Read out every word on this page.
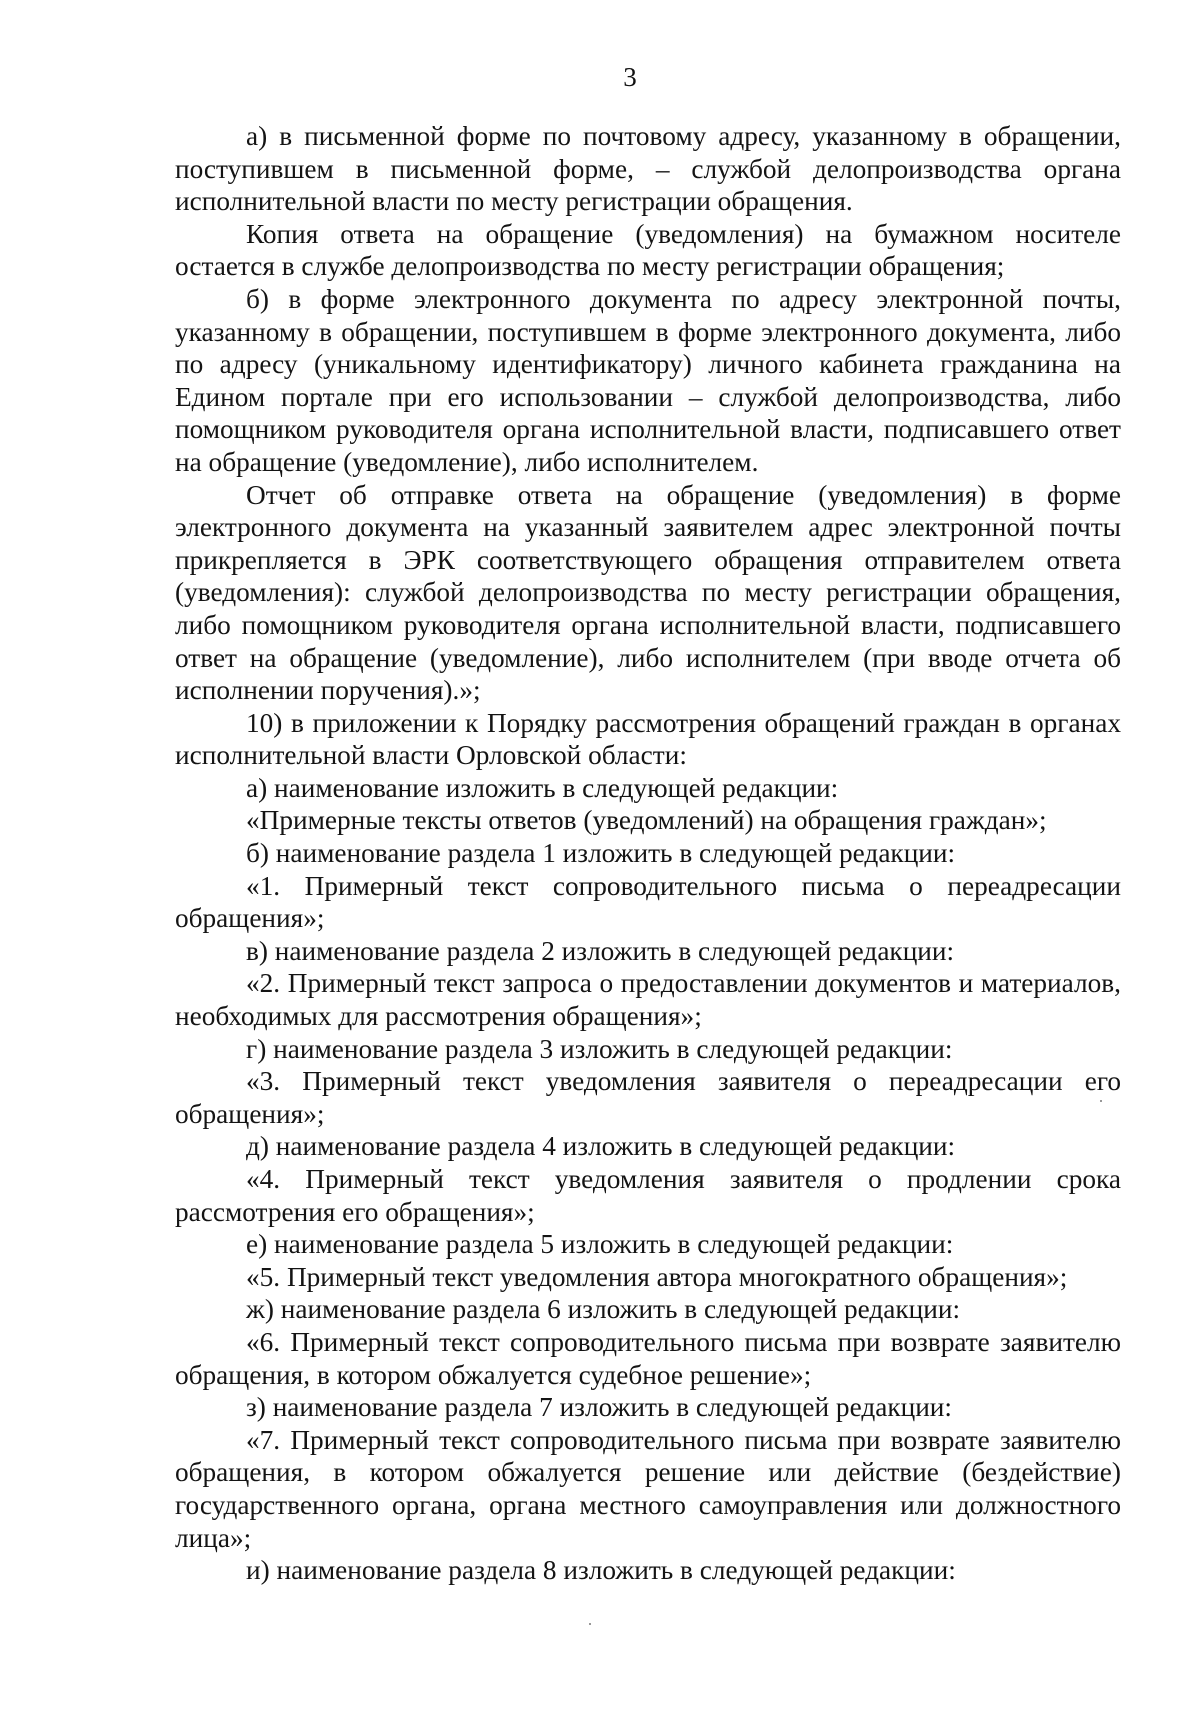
3

а) в письменной форме по почтовому адресу, указанному в обращении, поступившем в письменной форме, – службой делопроизводства органа исполнительной власти по месту регистрации обращения.

Копия ответа на обращение (уведомления) на бумажном носителе остается в службе делопроизводства по месту регистрации обращения;

б) в форме электронного документа по адресу электронной почты, указанному в обращении, поступившем в форме электронного документа, либо по адресу (уникальному идентификатору) личного кабинета гражданина на Едином портале при его использовании – службой делопроизводства, либо помощником руководителя органа исполнительной власти, подписавшего ответ на обращение (уведомление), либо исполнителем.

Отчет об отправке ответа на обращение (уведомления) в форме электронного документа на указанный заявителем адрес электронной почты прикрепляется в ЭРК соответствующего обращения отправителем ответа (уведомления): службой делопроизводства по месту регистрации обращения, либо помощником руководителя органа исполнительной власти, подписавшего ответ на обращение (уведомление), либо исполнителем (при вводе отчета об исполнении поручения).»;

10) в приложении к Порядку рассмотрения обращений граждан в органах исполнительной власти Орловской области:

а) наименование изложить в следующей редакции:

«Примерные тексты ответов (уведомлений) на обращения граждан»;

б) наименование раздела 1 изложить в следующей редакции:

«1. Примерный текст сопроводительного письма о переадресации обращения»;

в) наименование раздела 2 изложить в следующей редакции:

«2. Примерный текст запроса о предоставлении документов и материалов, необходимых для рассмотрения обращения»;

г) наименование раздела 3 изложить в следующей редакции:

«3. Примерный текст уведомления заявителя о переадресации его обращения»;

д) наименование раздела 4 изложить в следующей редакции:

«4. Примерный текст уведомления заявителя о продлении срока рассмотрения его обращения»;

е) наименование раздела 5 изложить в следующей редакции:

«5. Примерный текст уведомления автора многократного обращения»;

ж) наименование раздела 6 изложить в следующей редакции:

«6. Примерный текст сопроводительного письма при возврате заявителю обращения, в котором обжалуется судебное решение»;

з) наименование раздела 7 изложить в следующей редакции:

«7. Примерный текст сопроводительного письма при возврате заявителю обращения, в котором обжалуется решение или действие (бездействие) государственного органа, органа местного самоуправления или должностного лица»;

и) наименование раздела 8 изложить в следующей редакции:
